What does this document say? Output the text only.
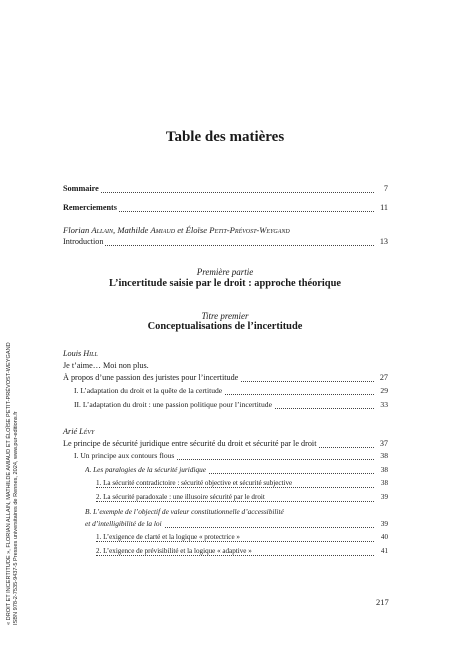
« DROIT ET INCERTITUDE », FLORIAN ALLAIN, MATHILDE AMIAUD ET ÉLOÏSE PETIT-PRÉVOST-WEYGAND ISBN 978-2-7535-9437-5 Presses universitaires de Rennes, 2024, www.pur-editions.fr
Table des matières
Sommaire	7
Remerciements	11
Florian Allain, Mathilde Amiaud et Éloïse Petit-Prévost-Weygand
Introduction	13
Louis Hill
Je t’aime… Moi non plus.
À propos d’une passion des juristes pour l’incertitude	27
I. L’adaptation du droit et la quête de la certitude	29
II. L’adaptation du droit : une passion politique pour l’incertitude	33
Arié Lévy
Le principe de sécurité juridique entre sécurité du droit et sécurité par le droit	37
I. Un principe aux contours flous	38
A. Les paralogies de la sécurité juridique	38
1. La sécurité contradictoire : sécurité objective et sécurité subjective	38
2. La sécurité paradoxale : une illusoire sécurité par le droit	39
B. L’exemple de l’objectif de valeur constitutionnelle d’accessibilité
et d’intelligibilité de la loi	39
1. L’exigence de clarté et la logique « protectrice »	40
2. L’exigence de prévisibilité et la logique « adaptive »	41
Première partie
L’incertitude saisie par le droit : approche théorique
Titre premier
Conceptualisations de l’incertitude
217
